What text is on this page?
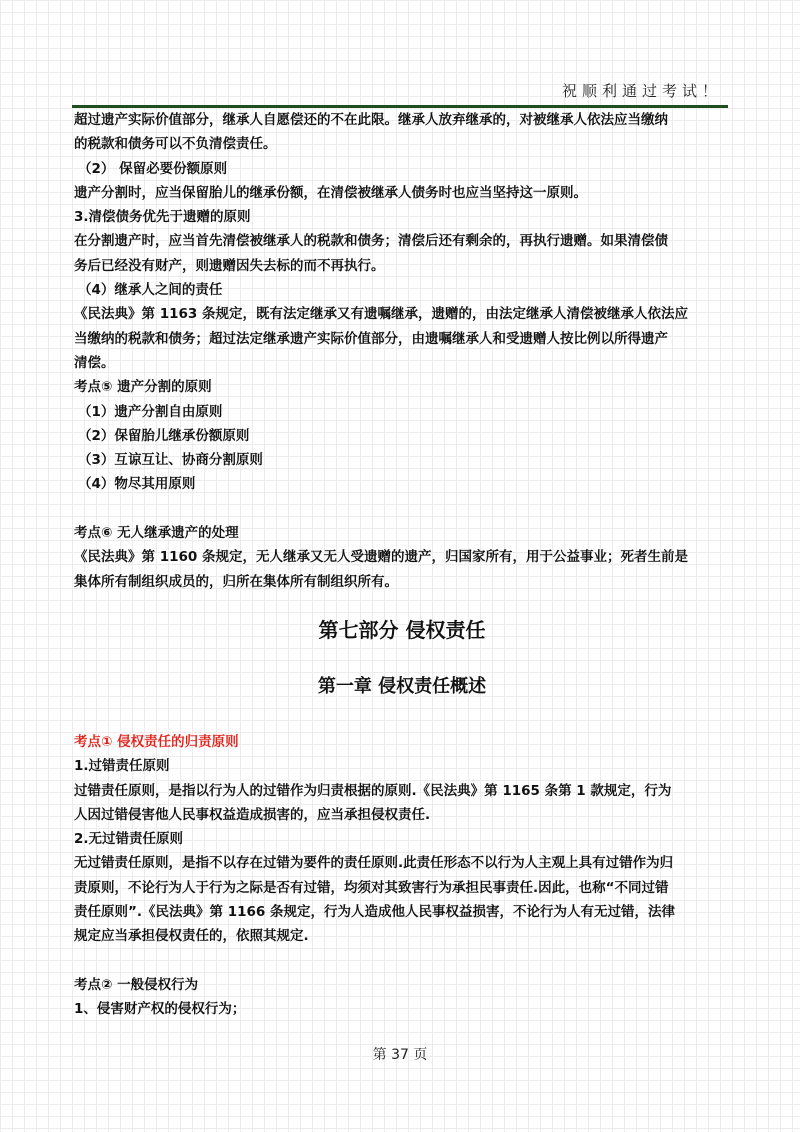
祝顺利通过考试！
超过遗产实际价值部分，继承人自愿偿还的不在此限。继承人放弃继承的，对被继承人依法应当缴纳
的税款和债务可以不负清偿责任。
（2） 保留必要份额原则
遗产分割时，应当保留胎儿的继承份额，在清偿被继承人债务时也应当坚持这一原则。
3.清偿债务优先于遗赠的原则
在分割遗产时，应当首先清偿被继承人的税款和债务；清偿后还有剩余的，再执行遗赠。如果清偿债
务后已经没有财产，则遗赠因失去标的而不再执行。
（4）继承人之间的责任
《民法典》第 1163 条规定，既有法定继承又有遗嘱继承，遗赠的，由法定继承人清偿被继承人依法应
当缴纳的税款和债务；超过法定继承遗产实际价值部分，由遗嘱继承人和受遗赠人按比例以所得遗产
清偿。
考点⑤ 遗产分割的原则
（1）遗产分割自由原则
（2）保留胎儿继承份额原则
（3）互谅互让、协商分割原则
（4）物尽其用原则
考点⑥ 无人继承遗产的处理
《民法典》第 1160 条规定，无人继承又无人受遗赠的遗产，归国家所有，用于公益事业；死者生前是
集体所有制组织成员的，归所在集体所有制组织所有。
第七部分 侵权责任
第一章 侵权责任概述
考点① 侵权责任的归责原则
1.过错责任原则
过错责任原则，是指以行为人的过错作为归责根据的原则.《民法典》第 1165 条第 1 款规定，行为
人因过错侵害他人民事权益造成损害的，应当承担侵权责任.
2.无过错责任原则
无过错责任原则，是指不以存在过错为要件的责任原则.此责任形态不以行为人主观上具有过错作为归
责原则，不论行为人于行为之际是否有过错，均须对其致害行为承担民事责任.因此，也称“不同过错
责任原则”.《民法典》第 1166 条规定，行为人造成他人民事权益损害，不论行为人有无过错，法律
规定应当承担侵权责任的，依照其规定.
考点② 一般侵权行为
1、侵害财产权的侵权行为；
第 37 页
